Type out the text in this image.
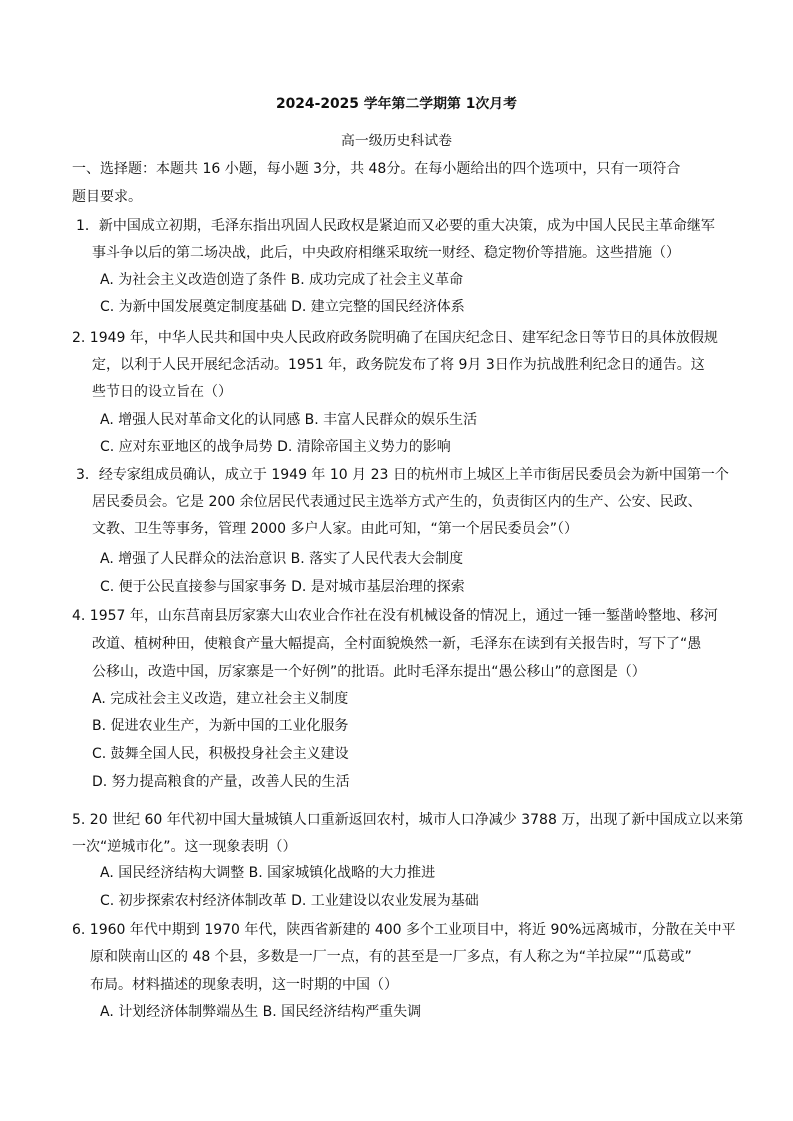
2024-2025 学年第二学期第 1次月考
高一级历史科试卷
一、选择题：本题共 16 小题，每小题 3分，共 48分。在每小题给出的四个选项中，只有一项符合
题目要求。
1．新中国成立初期，毛泽东指出巩固人民政权是紧迫而又必要的重大决策，成为中国人民民主革命继军
事斗争以后的第二场决战，此后，中央政府相继采取统一财经、稳定物价等措施。这些措施（）
A. 为社会主义改造创造了条件 B. 成功完成了社会主义革命
C. 为新中国发展奠定制度基础 D. 建立完整的国民经济体系
2. 1949 年，中华人民共和国中央人民政府政务院明确了在国庆纪念日、建军纪念日等节日的具体放假规
定，以利于人民开展纪念活动。1951 年，政务院发布了将 9月 3日作为抗战胜利纪念日的通告。这
些节日的设立旨在（）
A. 增强人民对革命文化的认同感 B. 丰富人民群众的娱乐生活
C. 应对东亚地区的战争局势 D. 清除帝国主义势力的影响
3．经专家组成员确认，成立于 1949 年 10 月 23 日的杭州市上城区上羊市街居民委员会为新中国第一个
居民委员会。它是 200 余位居民代表通过民主选举方式产生的，负责街区内的生产、公安、民政、
文教、卫生等事务，管理 2000 多户人家。由此可知，“第一个居民委员会”（）
A. 增强了人民群众的法治意识 B. 落实了人民代表大会制度
C. 便于公民直接参与国家事务 D. 是对城市基层治理的探索
4. 1957 年，山东莒南县厉家寨大山农业合作社在没有机械设备的情况上，通过一锤一錾凿岭整地、移河
改道、植树种田，使粮食产量大幅提高，全村面貌焕然一新，毛泽东在读到有关报告时，写下了“愚
公移山，改造中国，厉家寨是一个好例”的批语。此时毛泽东提出“愚公移山”的意图是（）
A. 完成社会主义改造，建立社会主义制度
B. 促进农业生产，为新中国的工业化服务
C. 鼓舞全国人民，积极投身社会主义建设
D. 努力提高粮食的产量，改善人民的生活
5. 20 世纪 60 年代初中国大量城镇人口重新返回农村，城市人口净减少 3788 万，出现了新中国成立以来第
一次“逆城市化”。这一现象表明（）
A. 国民经济结构大调整 B. 国家城镇化战略的大力推进
C. 初步探索农村经济体制改革 D. 工业建设以农业发展为基础
6. 1960 年代中期到 1970 年代，陕西省新建的 400 多个工业项目中，将近 90%远离城市，分散在关中平
原和陕南山区的 48 个县，多数是一厂一点，有的甚至是一厂多点，有人称之为“羊拉屎”“瓜葛或”
布局。材料描述的现象表明，这一时期的中国（）
A. 计划经济体制弊端丛生 B. 国民经济结构严重失调
